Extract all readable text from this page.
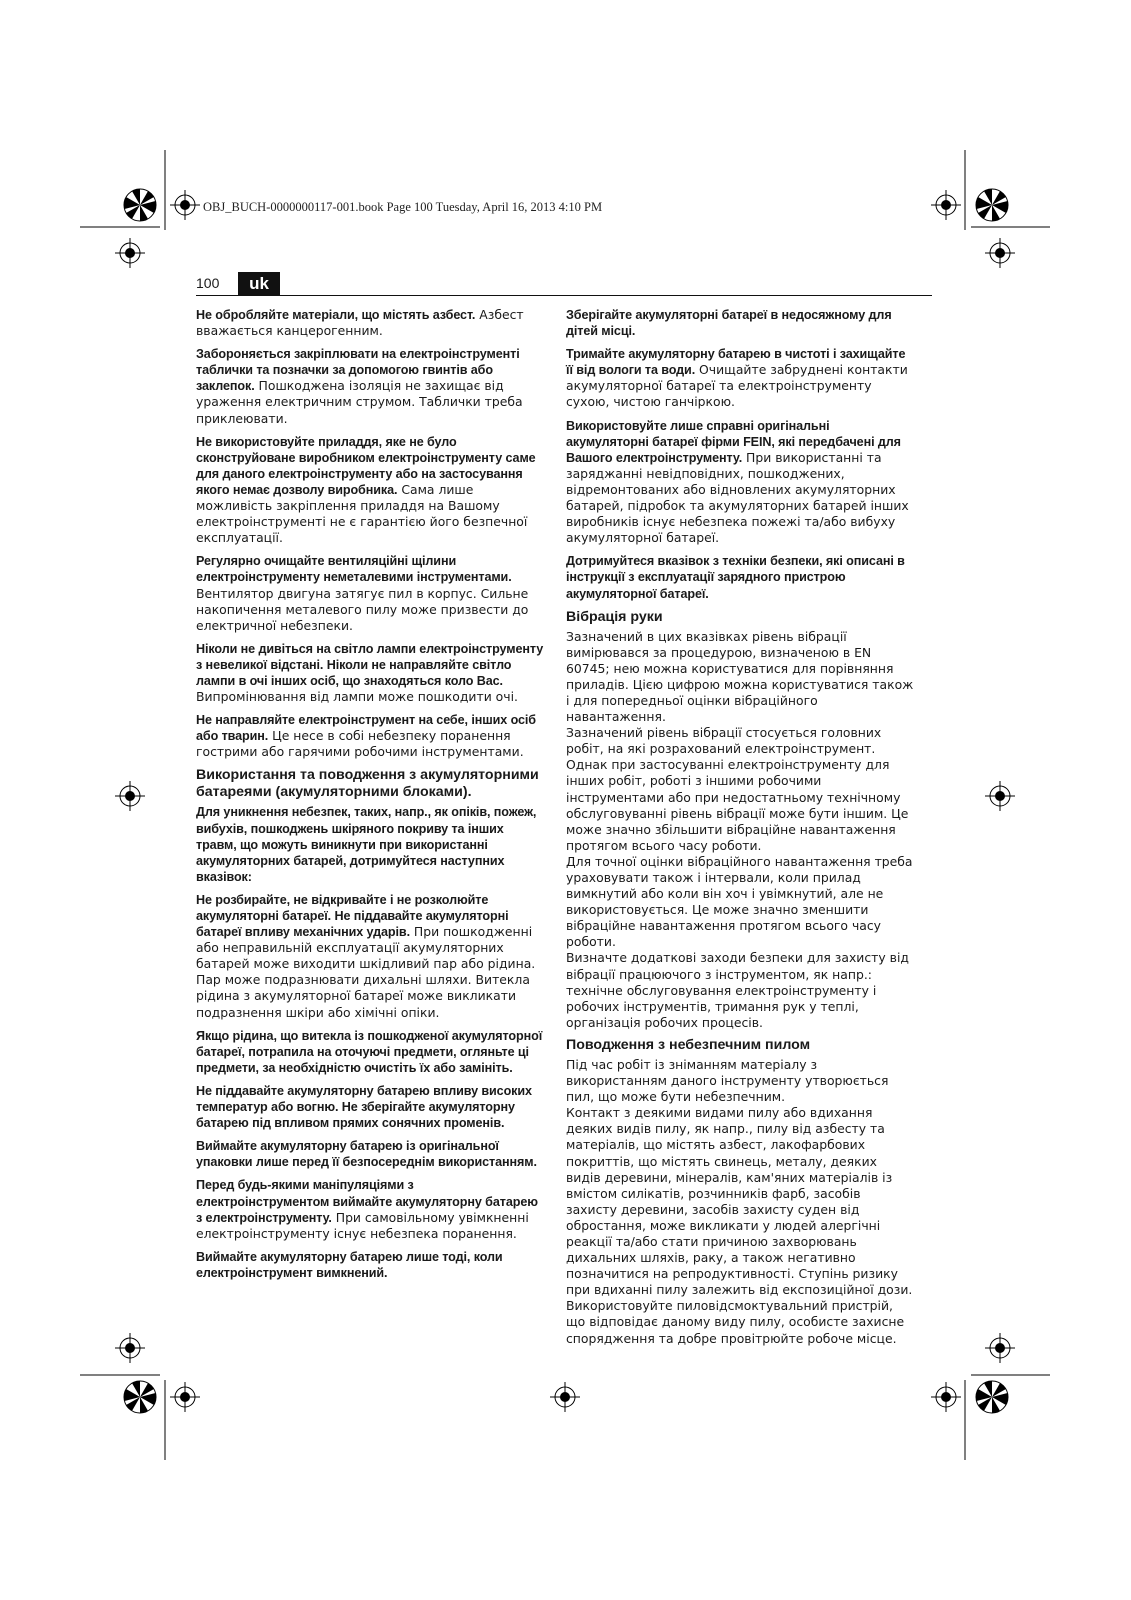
OBJ_BUCH-0000000117-001.book Page 100 Tuesday, April 16, 2013 4:10 PM
100	uk

Не обробляйте матеріали, що містять азбест. Азбест вважається канцерогенним.

Забороняється закріплювати на електроінструменті таблички та позначки за допомогою гвинтів або заклепок. Пошкоджена ізоляція не захищає від ураження електричним струмом. Таблички треба приклеювати.

Не використовуйте приладдя, яке не було сконструйоване виробником електроінструменту саме для даного електроінструменту або на застосування якого немає дозволу виробника. Сама лише можливість закріплення приладдя на Вашому електроінструменті не є гарантією його безпечної експлуатації.

Регулярно очищайте вентиляційні щілини електроінструменту неметалевими інструментами. Вентилятор двигуна затягує пил в корпус. Сильне накопичення металевого пилу може призвести до електричної небезпеки.

Ніколи не дивіться на світло лампи електроінструменту з невеликої відстані. Ніколи не направляйте світло лампи в очі інших осіб, що знаходяться коло Вас. Випромінювання від лампи може пошкодити очі.

Не направляйте електроінструмент на себе, інших осіб або тварин. Це несе в собі небезпеку поранення гострими або гарячими робочими інструментами.

Використання та поводження з акумуляторними батареями (акумуляторними блоками).

Для уникнення небезпек, таких, напр., як опіків, пожеж, вибухів, пошкоджень шкіряного покриву та інших травм, що можуть виникнути при використанні акумуляторних батарей, дотримуйтеся наступних вказівок:

Не розбирайте, не відкривайте і не розколюйте акумуляторні батареї. Не піддавайте акумуляторні батареї впливу механічних ударів. При пошкодженні або неправильній експлуатації акумуляторних батарей може виходити шкідливий пар або рідина. Пар може подразнювати дихальні шляхи. Витекла рідина з акумуляторної батареї може викликати подразнення шкіри або хімічні опіки.

Якщо рідина, що витекла із пошкодженої акумуляторної батареї, потрапила на оточуючі предмети, огляньте ці предмети, за необхідністю очистіть їх або замініть.

Не піддавайте акумуляторну батарею впливу високих температур або вогню. Не зберігайте акумуляторну батарею під впливом прямих сонячних променів.

Виймайте акумуляторну батарею із оригінальної упаковки лише перед її безпосереднім використанням.

Перед будь-якими маніпуляціями з електроінструментом виймайте акумуляторну батарею з електроінструменту. При самовільному увімкненні електроінструменту існує небезпека поранення.

Виймайте акумуляторну батарею лише тоді, коли електроінструмент вимкнений.

Зберігайте акумуляторні батареї в недосяжному для дітей місці.

Тримайте акумуляторну батарею в чистоті і захищайте її від вологи та води. Очищайте забруднені контакти акумуляторної батареї та електроінструменту сухою, чистою ганчіркою.

Використовуйте лише справні оригінальні акумуляторні батареї фірми FEIN, які передбачені для Вашого електроінструменту. При використанні та заряджанні невідповідних, пошкоджених, відремонтованих або відновлених акумуляторних батарей, підробок та акумуляторних батарей інших виробників існує небезпека пожежі та/або вибуху акумуляторної батареї.

Дотримуйтеся вказівок з техніки безпеки, які описані в інструкції з експлуатації зарядного пристрою акумуляторної батареї.

Вібрація руки

Зазначений в цих вказівках рівень вібрації вимірювався за процедурою, визначеною в EN 60745; нею можна користуватися для порівняння приладів. Цією цифрою можна користуватися також і для попередньої оцінки вібраційного навантаження.

Зазначений рівень вібрації стосується головних робіт, на які розрахований електроінструмент. Однак при застосуванні електроінструменту для інших робіт, роботі з іншими робочими інструментами або при недостатньому технічному обслуговуванні рівень вібрації може бути іншим. Це може значно збільшити вібраційне навантаження протягом всього часу роботи.

Для точної оцінки вібраційного навантаження треба ураховувати також і інтервали, коли прилад вимкнутий або коли він хоч і увімкнутий, але не використовується. Це може значно зменшити вібраційне навантаження протягом всього часу роботи.

Визначте додаткові заходи безпеки для захисту від вібрації працюючого з інструментом, як напр.: технічне обслуговування електроінструменту і робочих інструментів, тримання рук у теплі, організація робочих процесів.

Поводження з небезпечним пилом

Під час робіт із зніманням матеріалу з використанням даного інструменту утворюється пил, що може бути небезпечним.

Контакт з деякими видами пилу або вдихання деяких видів пилу, як напр., пилу від азбесту та матеріалів, що містять азбест, лакофарбових покриттів, що містять свинець, металу, деяких видів деревини, мінералів, кам'яних матеріалів із вмістом силікатів, розчинників фарб, засобів захисту деревини, засобів захисту суден від обростання, може викликати у людей алергічні реакції та/або стати причиною захворювань дихальних шляхів, раку, а також негативно позначитися на репродуктивності. Ступінь ризику при вдиханні пилу залежить від експозиційної дози.

Використовуйте пиловідсмоктувальний пристрій, що відповідає даному виду пилу, особисте захисне спорядження та добре провітрюйте робоче місце.
